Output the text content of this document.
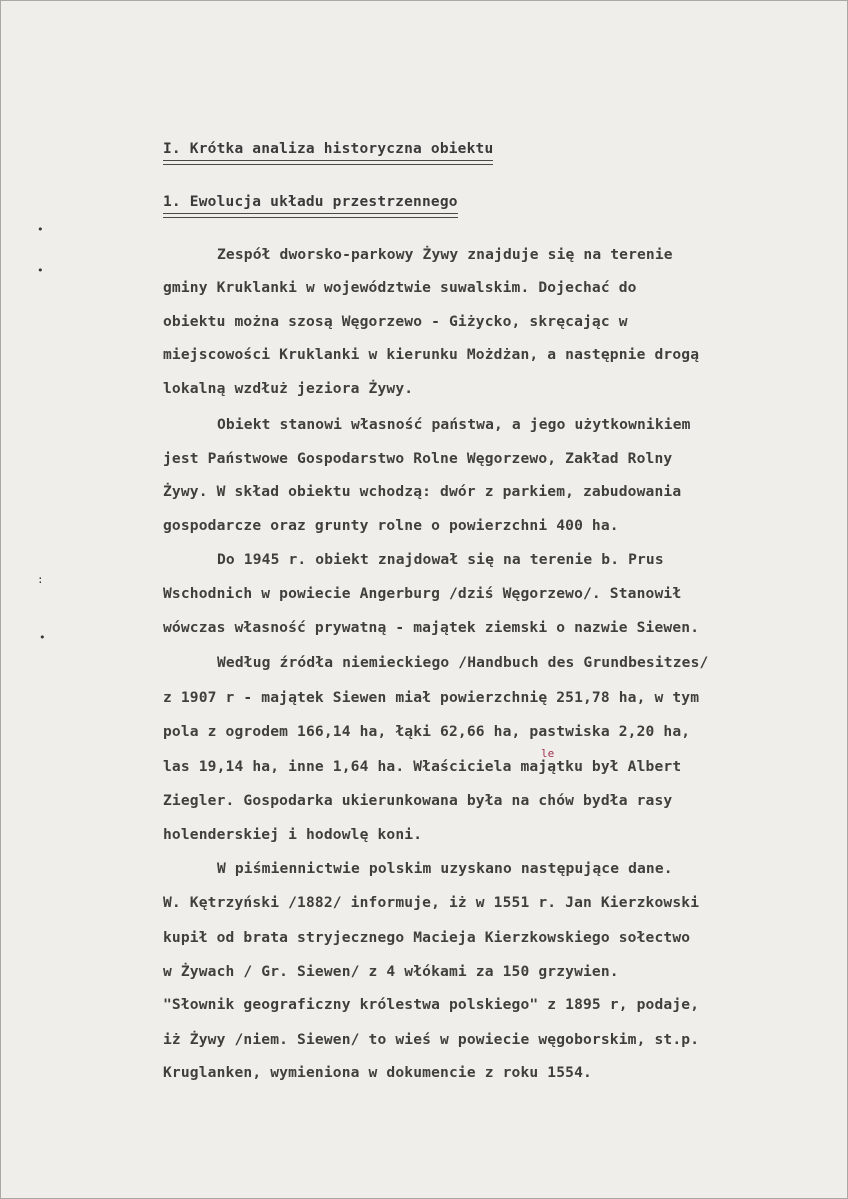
I. Krótka analiza historyczna obiektu
1. Ewolucja układu przestrzennego
Zespół dworsko-parkowy Żywy znajduje się na terenie
gminy Kruklanki w województwie suwalskim. Dojechać do
obiektu można szosą Węgorzewo - Giżycko, skręcając w
miejscowości Kruklanki w kierunku Możdżan, a następnie drogą
lokalną wzdłuż jeziora Żywy.
Obiekt stanowi własność państwa, a jego użytkownikiem
jest Państwowe Gospodarstwo Rolne Węgorzewo, Zakład Rolny
Żywy. W skład obiektu wchodzą: dwór z parkiem, zabudowania
gospodarcze oraz grunty rolne o powierzchni 400 ha.
Do 1945 r. obiekt znajdował się na terenie b. Prus
Wschodnich w powiecie Angerburg /dziś Węgorzewo/. Stanowił
wówczas własność prywatną - majątek ziemski o nazwie Siewen.
Według źródła niemieckiego /Handbuch des Grundbesitzes/
z 1907 r - majątek Siewen miał powierzchnię 251,78 ha, w tym
pola z ogrodem 166,14 ha, łąki 62,66 ha, pastwiska 2,20 ha,
las 19,14 ha, inne 1,64 ha. Właściciela majątku był Albert
Ziegler. Gospodarka ukierunkowana była na chów bydła rasy
holenderskiej i hodowlę koni.
W piśmiennictwie polskim uzyskano następujące dane.
W. Kętrzyński /1882/ informuje, iż w 1551 r. Jan Kierzkowski
kupił od brata stryjecznego Macieja Kierzkowskiego sołectwo
w Żywach / Gr. Siewen/ z 4 włókami za 150 grzywien.
"Słownik geograficzny królestwa polskiego" z 1895 r, podaje,
iż Żywy /niem. Siewen/ to wieś w powiecie węgoborskim, st.p.
Kruglanken, wymieniona w dokumencie z roku 1554.
le
•
•
:
•
